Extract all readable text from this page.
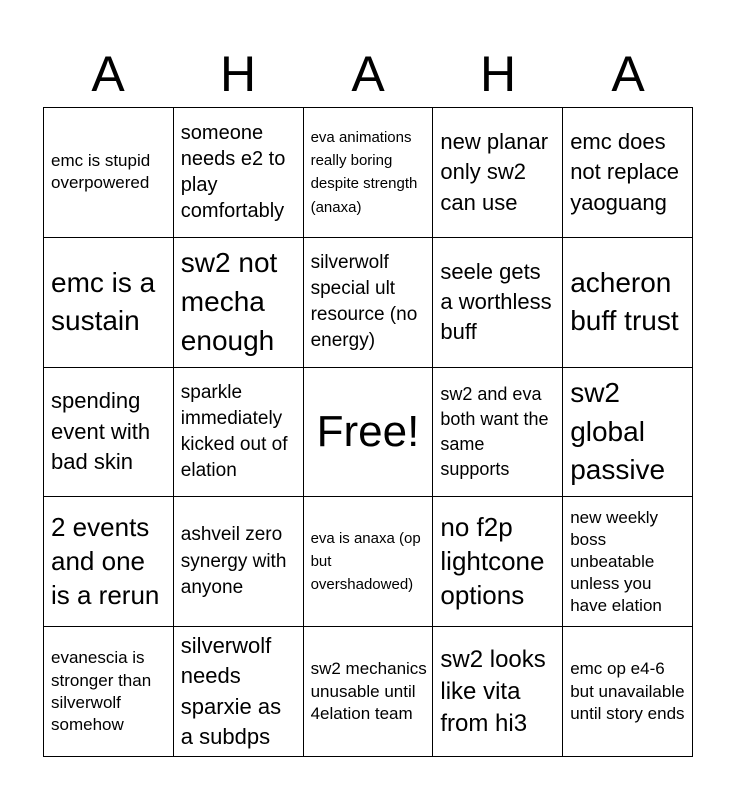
A	H	A	H	A
emc is stupid overpowered
someone needs e2 to play comfortably
eva animations really boring despite strength (anaxa)
new planar only sw2 can use
emc does not replace yaoguang
emc is a sustain
sw2 not mecha enough
silverwolf special ult resource (no energy)
seele gets a worthless buff
acheron buff trust
spending event with bad skin
sparkle immediately kicked out of elation
Free!
sw2 and eva both want the same supports
sw2 global passive
2 events and one is a rerun
ashveil zero synergy with anyone
eva is anaxa (op but overshadowed)
no f2p lightcone options
new weekly boss unbeatable unless you have elation
evanescia is stronger than silverwolf somehow
silverwolf needs sparxie as a subdps
sw2 mechanics unusable until 4elation team
sw2 looks like vita from hi3
emc op e4-6 but unavailable until story ends
